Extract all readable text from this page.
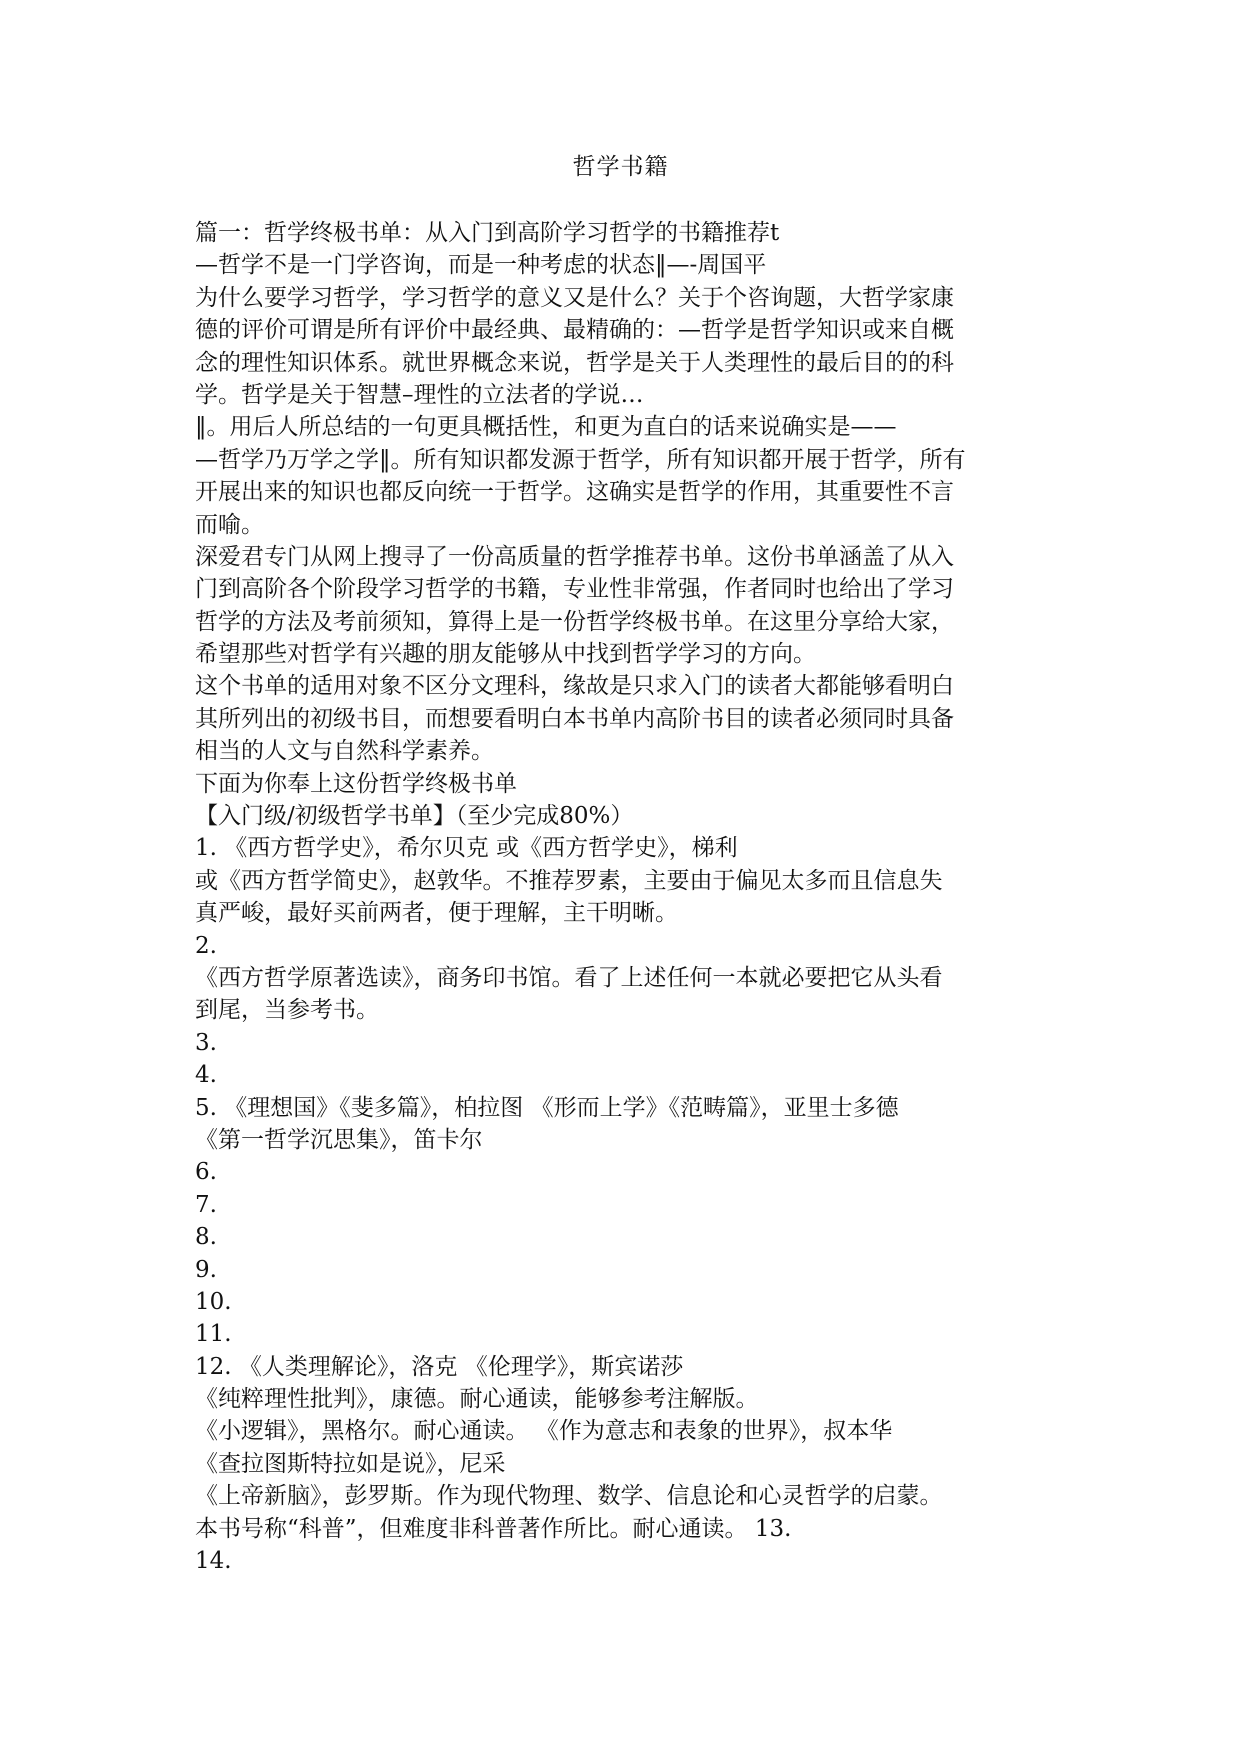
哲学书籍
篇一：哲学终极书单：从入门到高阶学习哲学的书籍推荐t
—哲学不是一门学咨询，而是一种考虑的状态‖—-周国平
为什么要学习哲学，学习哲学的意义又是什么？关于个咨询题，大哲学家康
德的评价可谓是所有评价中最经典、最精确的：—哲学是哲学知识或来自概
念的理性知识体系。就世界概念来说，哲学是关于人类理性的最后目的的科
学。哲学是关于智慧–理性的立法者的学说…
‖。用后人所总结的一句更具概括性，和更为直白的话来说确实是——
—哲学乃万学之学‖。所有知识都发源于哲学，所有知识都开展于哲学，所有
开展出来的知识也都反向统一于哲学。这确实是哲学的作用，其重要性不言
而喻。
深爱君专门从网上搜寻了一份高质量的哲学推荐书单。这份书单涵盖了从入
门到高阶各个阶段学习哲学的书籍，专业性非常强，作者同时也给出了学习
哲学的方法及考前须知，算得上是一份哲学终极书单。在这里分享给大家，
希望那些对哲学有兴趣的朋友能够从中找到哲学学习的方向。
这个书单的适用对象不区分文理科，缘故是只求入门的读者大都能够看明白
其所列出的初级书目，而想要看明白本书单内高阶书目的读者必须同时具备
相当的人文与自然科学素养。
下面为你奉上这份哲学终极书单
【入门级/初级哲学书单】（至少完成80%）
1. 《西方哲学史》，希尔贝克 或《西方哲学史》，梯利
或《西方哲学简史》，赵敦华。不推荐罗素，主要由于偏见太多而且信息失
真严峻，最好买前两者，便于理解，主干明晰。
2.
《西方哲学原著选读》，商务印书馆。看了上述任何一本就必要把它从头看
到尾，当参考书。
3.
4.
5. 《理想国》《斐多篇》，柏拉图 《形而上学》《范畴篇》，亚里士多德
《第一哲学沉思集》，笛卡尔
6.
7.
8.
9.
10.
11.
12. 《人类理解论》，洛克 《伦理学》，斯宾诺莎
《纯粹理性批判》，康德。耐心通读，能够参考注解版。
《小逻辑》，黑格尔。耐心通读。 《作为意志和表象的世界》，叔本华
《查拉图斯特拉如是说》，尼采
《上帝新脑》，彭罗斯。作为现代物理、数学、信息论和心灵哲学的启蒙。
本书号称“科普”，但难度非科普著作所比。耐心通读。 13.
14.
